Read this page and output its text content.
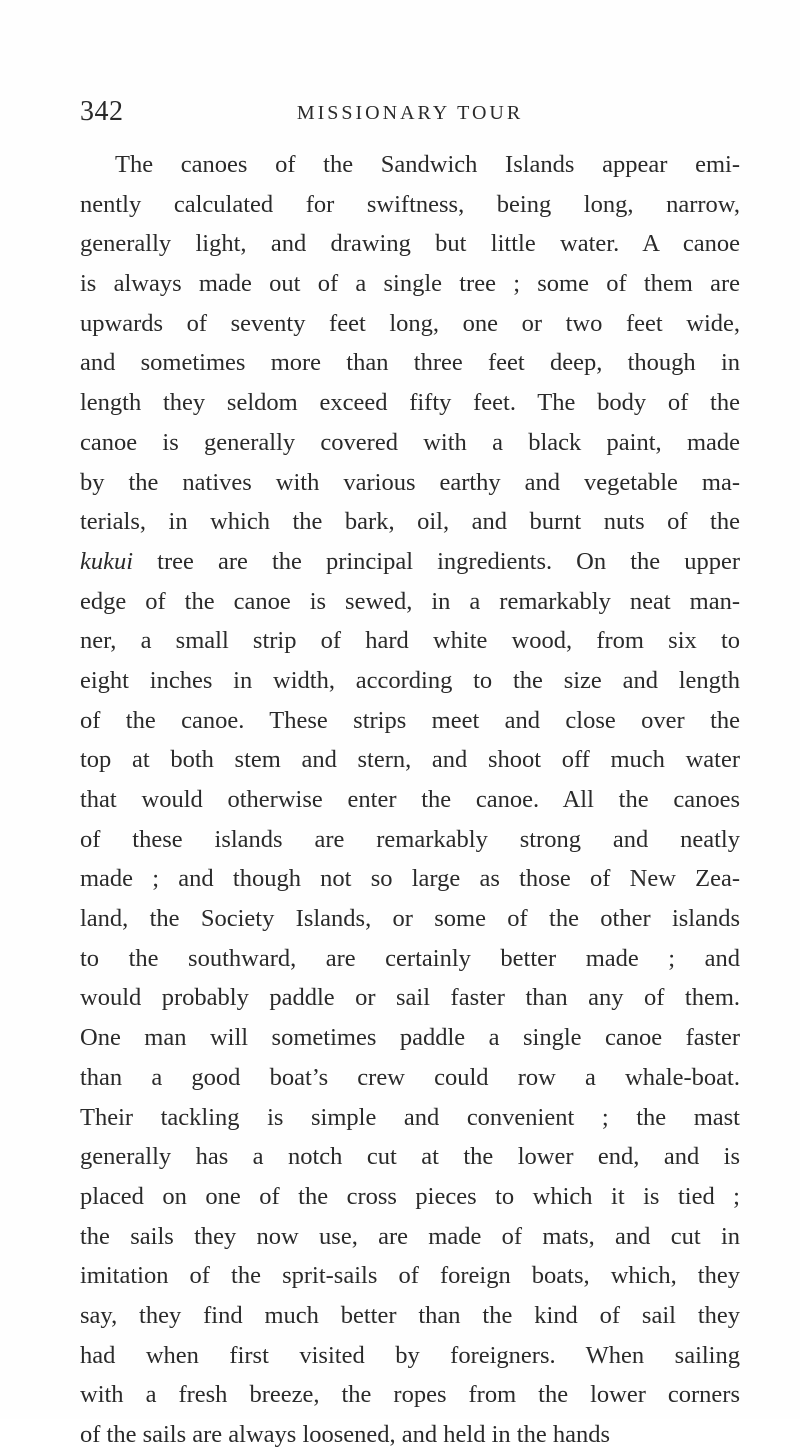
342	MISSIONARY TOUR
The canoes of the Sandwich Islands appear emi-
nently calculated for swiftness, being long, narrow,
generally light, and drawing but little water. A canoe
is always made out of a single tree ; some of them are
upwards of seventy feet long, one or two feet wide,
and sometimes more than three feet deep, though in
length they seldom exceed fifty feet. The body of the
canoe is generally covered with a black paint, made
by the natives with various earthy and vegetable ma-
terials, in which the bark, oil, and burnt nuts of the
kukui tree are the principal ingredients. On the upper
edge of the canoe is sewed, in a remarkably neat man-
ner, a small strip of hard white wood, from six to
eight inches in width, according to the size and length
of the canoe. These strips meet and close over the
top at both stem and stern, and shoot off much water
that would otherwise enter the canoe. All the canoes
of these islands are remarkably strong and neatly
made ; and though not so large as those of New Zea-
land, the Society Islands, or some of the other islands
to the southward, are certainly better made ; and
would probably paddle or sail faster than any of them.
One man will sometimes paddle a single canoe faster
than a good boat’s crew could row a whale-boat.
Their tackling is simple and convenient ; the mast
generally has a notch cut at the lower end, and is
placed on one of the cross pieces to which it is tied ;
the sails they now use, are made of mats, and cut in
imitation of the sprit-sails of foreign boats, which, they
say, they find much better than the kind of sail they
had when first visited by foreigners. When sailing
with a fresh breeze, the ropes from the lower corners
of the sails are always loosened, and held in the hands
